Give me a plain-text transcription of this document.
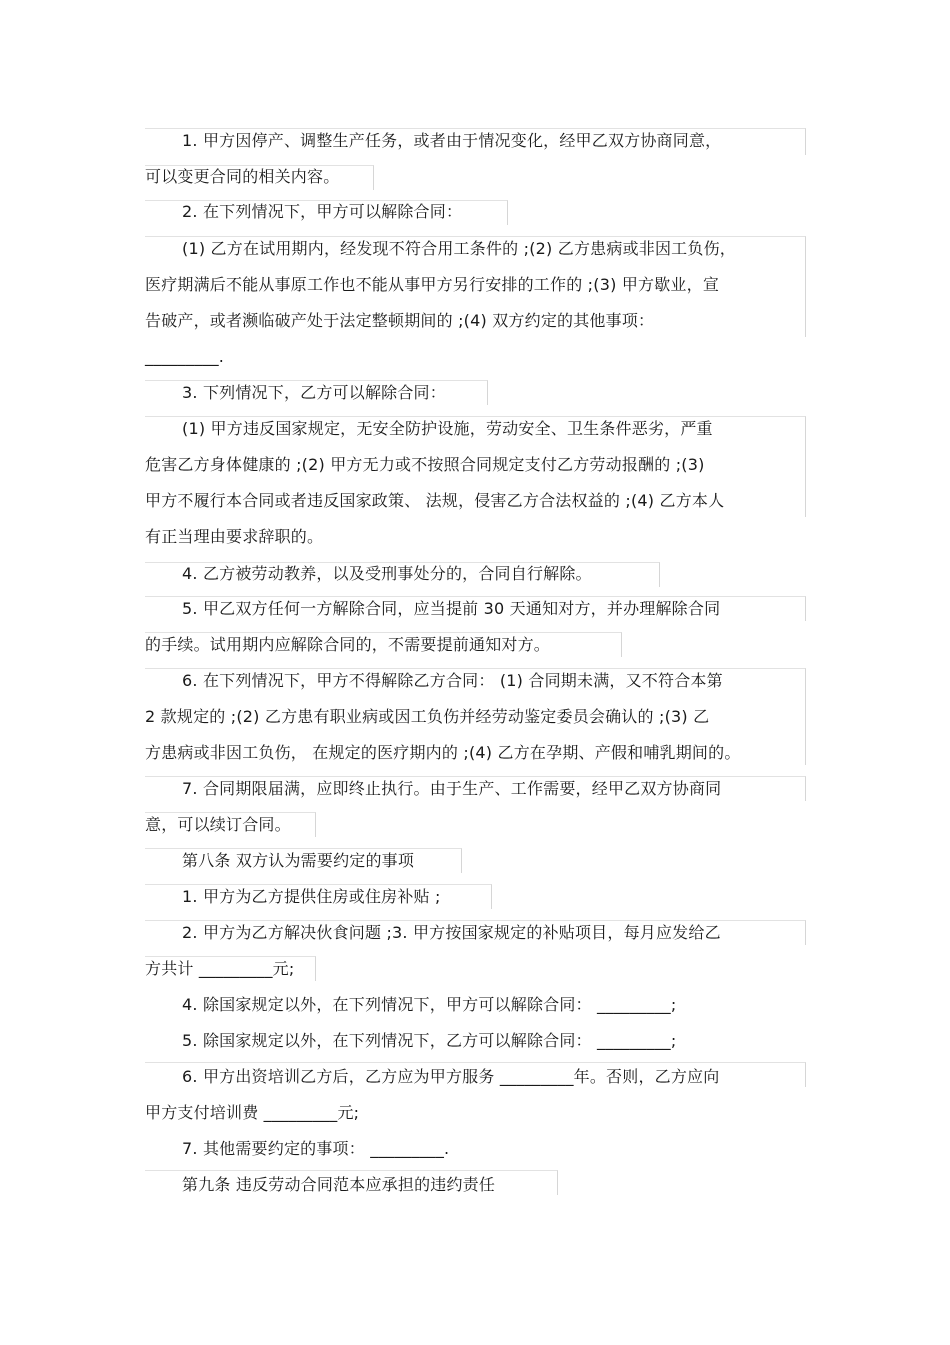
1. 甲方因停产、调整生产任务，或者由于情况变化，经甲乙双方协商同意，
可以变更合同的相关内容。
2. 在下列情况下，甲方可以解除合同：
(1) 乙方在试用期内，经发现不符合用工条件的 ;(2) 乙方患病或非因工负伤，
医疗期满后不能从事原工作也不能从事甲方另行安排的工作的 ;(3) 甲方歇业，宣
告破产，或者濒临破产处于法定整顿期间的 ;(4) 双方约定的其他事项：
_________.
3. 下列情况下，乙方可以解除合同：
(1) 甲方违反国家规定，无安全防护设施，劳动安全、卫生条件恶劣，严重
危害乙方身体健康的 ;(2) 甲方无力或不按照合同规定支付乙方劳动报酬的 ;(3)
甲方不履行本合同或者违反国家政策、 法规，侵害乙方合法权益的 ;(4) 乙方本人
有正当理由要求辞职的。
4. 乙方被劳动教养，以及受刑事处分的，合同自行解除。
5. 甲乙双方任何一方解除合同，应当提前 30 天通知对方，并办理解除合同
的手续。试用期内应解除合同的，不需要提前通知对方。
6. 在下列情况下，甲方不得解除乙方合同： (1) 合同期未满，又不符合本第
2 款规定的 ;(2) 乙方患有职业病或因工负伤并经劳动鉴定委员会确认的 ;(3) 乙
方患病或非因工负伤， 在规定的医疗期内的 ;(4) 乙方在孕期、产假和哺乳期间的。
7. 合同期限届满，应即终止执行。由于生产、工作需要，经甲乙双方协商同
意，可以续订合同。
第八条 双方认为需要约定的事项
1. 甲方为乙方提供住房或住房补贴 ;
2. 甲方为乙方解决伙食问题 ;3. 甲方按国家规定的补贴项目，每月应发给乙
方共计 _________元;
4. 除国家规定以外，在下列情况下，甲方可以解除合同： _________;
5. 除国家规定以外，在下列情况下，乙方可以解除合同： _________;
6. 甲方出资培训乙方后，乙方应为甲方服务 _________年。否则，乙方应向
甲方支付培训费 _________元;
7. 其他需要约定的事项： _________.
第九条 违反劳动合同范本应承担的违约责任
